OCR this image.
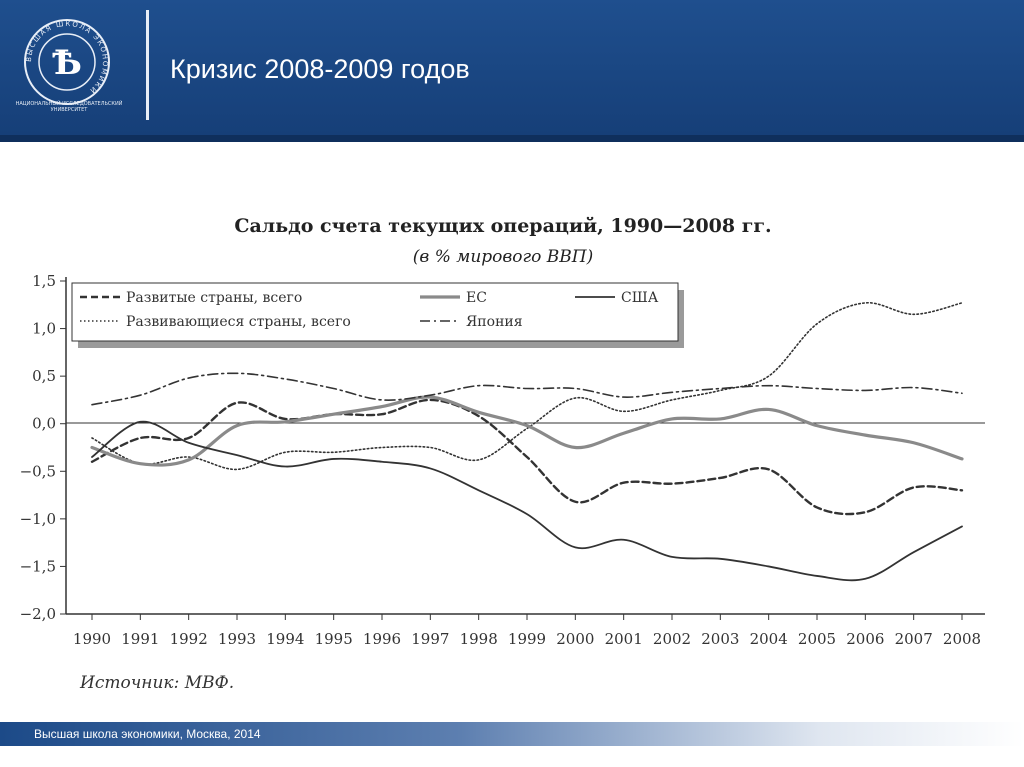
ВЫСШАЯ ШКОЛА ЭКОНОМИКИ
Ѣ
НАЦИОНАЛЬНЫЙ ИССЛЕДОВАТЕЛЬСКИЙ УНИВЕРСИТЕТ
Кризис 2008-2009 годов
Сальдо счета текущих операций, 1990—2008 гг.
(в % мирового ВВП)
1,5
1,0
0,5
0,0
−0,5
−1,0
−1,5
−2,0
1990 1991 1992 1993 1994 1995 1996 1997 1998 1999 2000 2001 2002 2003 2004 2005 2006 2007 2008
Развитые страны, всего
Развивающиеся страны, всего
ЕС	США
Япония
Источник: МВФ.
Высшая школа экономики, Москва, 2014
